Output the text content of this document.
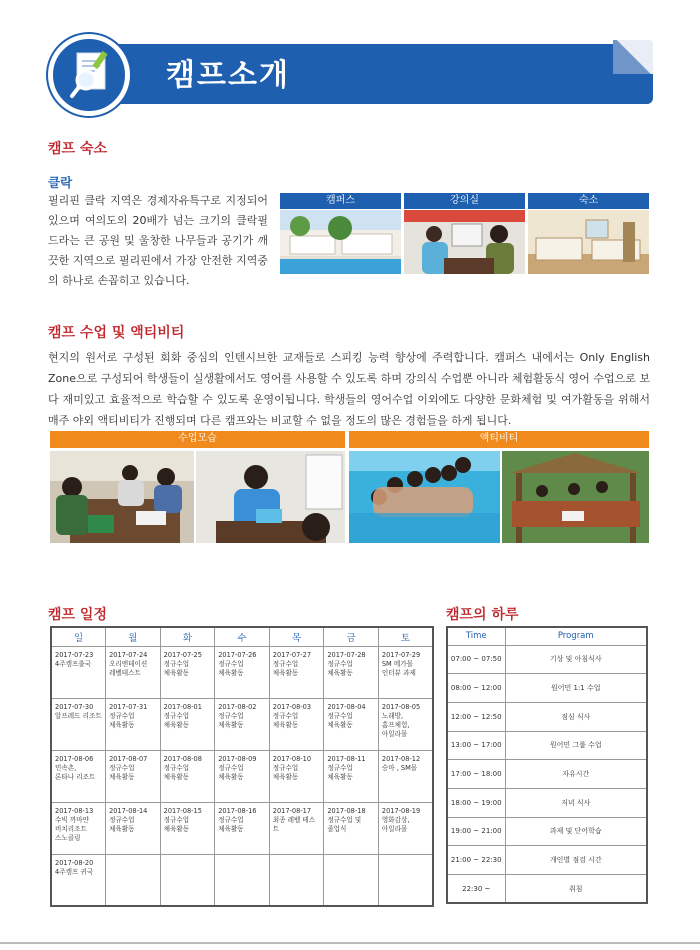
캠프소개
캠프 숙소
클락
필리핀 클락 지역은 경제자유특구로 지정되어 있으며 여의도의 20배가 넘는 크기의 클락필드라는 큰 공원 및 울창한 나무들과 공기가 깨끗한 지역으로 필리핀에서 가장 안전한 지역중의 하나로 손꼽히고 있습니다.
캠퍼스	강의실	숙소
캠프 수업 및 액티비티
현지의 원서로 구성된 회화 중심의 인텐시브한 교재들로 스피킹 능력 향상에 주력합니다. 캠퍼스 내에서는 Only English Zone으로 구성되어 학생들이 실생활에서도 영어를 사용할 수 있도록 하며 강의식 수업뿐 아니라 체험활동식 영어 수업으로 보다 재미있고 효율적으로 학습할 수 있도록 운영이됩니다. 학생들의 영어수업 이외에도 다양한 문화체험 및 여가활동을 위해서 매주 야외 액티비티가 진행되며 다른 캠프와는 비교할 수 없을 정도의 많은 경험들을 하게 됩니다.
수업모습	액티비티
캠프 일정
일	월	화	수	목	금	토

2017-07-23
4주캠프출국	2017-07-24
오리엔테이션
레벨테스트	2017-07-25
정규수업
체육활동	2017-07-26
정규수업
체육활동	2017-07-27
정규수업
체육활동	2017-07-28
정규수업
체육활동	2017-07-29
SM 메가몰
인터뷰 과제

2017-07-30
알프레드 리조트	2017-07-31
정규수업
체육활동	2017-08-01
정규수업
체육활동	2017-08-02
정규수업
체육활동	2017-08-03
정규수업
체육활동	2017-08-04
정규수업
체육활동	2017-08-05
노래방,
홈프체험,
아일라몰

2017-08-06
민속촌,
론타나 리조트	2017-08-07
정규수업
체육활동	2017-08-08
정규수업
체육활동	2017-08-09
정규수업
체육활동	2017-08-10
정규수업
체육활동	2017-08-11
정규수업
체육활동	2017-08-12
승마 , SM몰

2017-08-13
수빅 까마얀
비치리조트
스노클링	2017-08-14
정규수업
체육활동	2017-08-15
정규수업
체육활동	2017-08-16
정규수업
체육활동	2017-08-17
최종 레벨 테스트	2017-08-18
정규수업 및
졸업식	2017-08-19
영화감상,
아일라몰

2017-08-20
4주캠프 귀국						

캠프의 하루
Time	Program
07:00 ~ 07:50	기상 및 아침식사
08:00 ~ 12:00	원어민 1:1 수업
12:00 ~ 12:50	점심 식사
13:00 ~ 17:00	원어민 그룹 수업
17:00 ~ 18:00	자유시간
18:00 ~ 19:00	저녁 식사
19:00 ~ 21:00	과제 및 단어학습
21:00 ~ 22:30	개인별 점검 시간
22:30 ~	취침
